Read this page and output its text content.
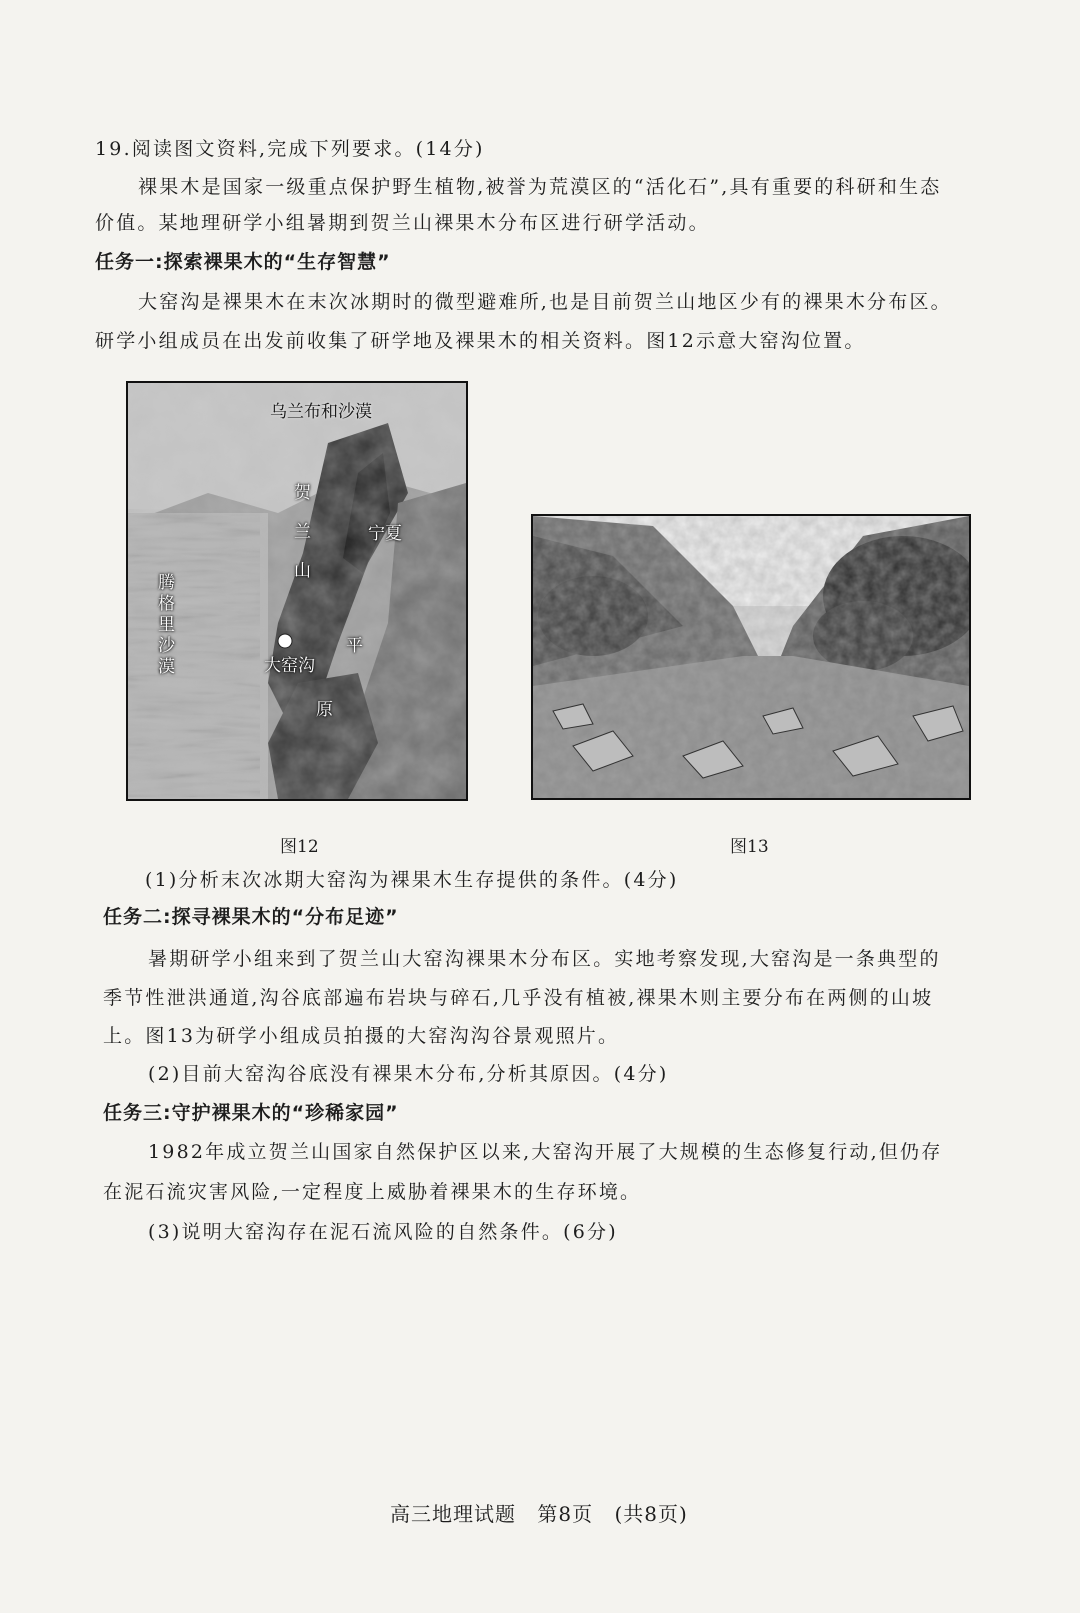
19.阅读图文资料,完成下列要求。(14分)
裸果木是国家一级重点保护野生植物,被誉为荒漠区的“活化石”,具有重要的科研和生态
价值。某地理研学小组暑期到贺兰山裸果木分布区进行研学活动。
任务一:探索裸果木的“生存智慧”
大窑沟是裸果木在末次冰期时的微型避难所,也是目前贺兰山地区少有的裸果木分布区。
研学小组成员在出发前收集了研学地及裸果木的相关资料。图12示意大窑沟位置。
乌兰布和沙漠
贺兰山	宁夏
平
原
腾格里沙漠	大窑沟
图12	图13
(1)分析末次冰期大窑沟为裸果木生存提供的条件。(4分)
任务二:探寻裸果木的“分布足迹”
暑期研学小组来到了贺兰山大窑沟裸果木分布区。实地考察发现,大窑沟是一条典型的
季节性泄洪通道,沟谷底部遍布岩块与碎石,几乎没有植被,裸果木则主要分布在两侧的山坡
上。图13为研学小组成员拍摄的大窑沟沟谷景观照片。
(2)目前大窑沟谷底没有裸果木分布,分析其原因。(4分)
任务三:守护裸果木的“珍稀家园”
1982年成立贺兰山国家自然保护区以来,大窑沟开展了大规模的生态修复行动,但仍存
在泥石流灾害风险,一定程度上威胁着裸果木的生存环境。
(3)说明大窑沟存在泥石流风险的自然条件。(6分)
高三地理试题 第8页 (共8页)
